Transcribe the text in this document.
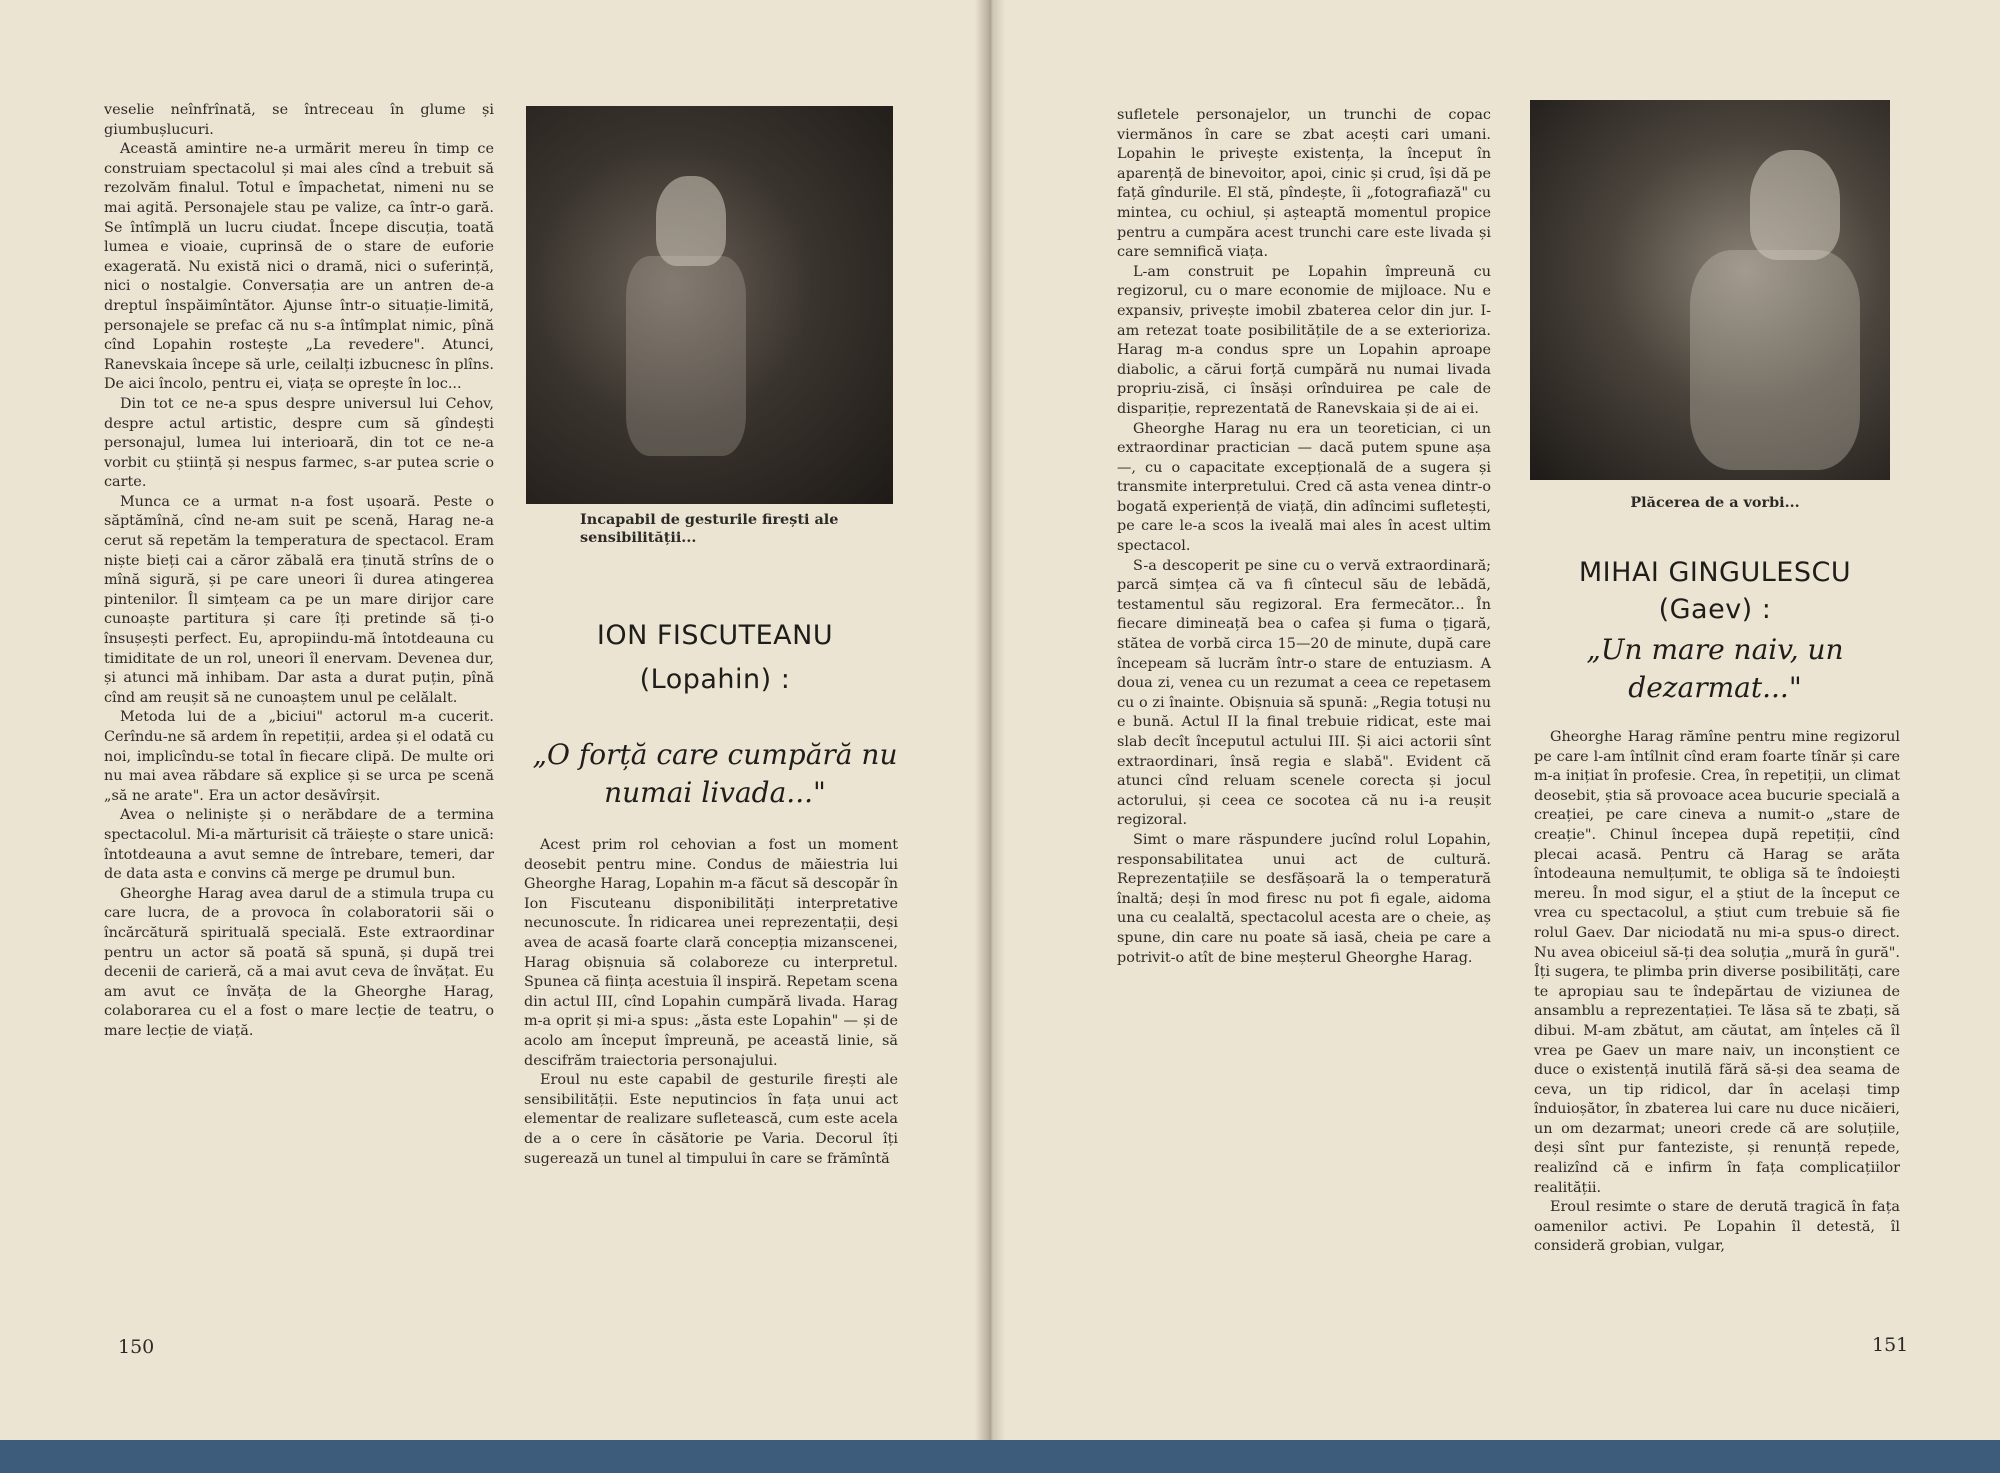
veselie neînfrînată, se întreceau în glume și giumbușlucuri.

Această amintire ne-a urmărit mereu în timp ce construiam spectacolul și mai ales cînd a trebuit să rezolvăm finalul. Totul e împachetat, nimeni nu se mai agită. Personajele stau pe valize, ca într-o gară. Se întîmplă un lucru ciudat. Începe discuția, toată lumea e vioaie, cuprinsă de o stare de euforie exagerată. Nu există nici o dramă, nici o suferință, nici o nostalgie. Conversația are un antren de-a dreptul înspăimîntător. Ajunse într-o situație-limită, personajele se prefac că nu s-a întîmplat nimic, pînă cînd Lopahin rostește „La revedere". Atunci, Ranevskaia începe să urle, ceilalți izbucnesc în plîns. De aici încolo, pentru ei, viața se oprește în loc...

Din tot ce ne-a spus despre universul lui Cehov, despre actul artistic, despre cum să gîndești personajul, lumea lui interioară, din tot ce ne-a vorbit cu știință și nespus farmec, s-ar putea scrie o carte.

Munca ce a urmat n-a fost ușoară. Peste o săptămînă, cînd ne-am suit pe scenă, Harag ne-a cerut să repetăm la temperatura de spectacol. Eram niște bieți cai a căror zăbală era ținută strîns de o mînă sigură, și pe care uneori îi durea atingerea pintenilor. Îl simțeam ca pe un mare dirijor care cunoaște partitura și care îți pretinde să ți-o însușești perfect. Eu, apropiindu-mă întotdeauna cu timiditate de un rol, uneori îl enervam. Devenea dur, și atunci mă inhibam. Dar asta a durat puțin, pînă cînd am reușit să ne cunoaștem unul pe celălalt.

Metoda lui de a „biciui" actorul m-a cucerit. Cerîndu-ne să ardem în repetiții, ardea și el odată cu noi, implicîndu-se total în fiecare clipă. De multe ori nu mai avea răbdare să explice și se urca pe scenă „să ne arate". Era un actor desăvîrșit.

Avea o neliniște și o nerăbdare de a termina spectacolul. Mi-a mărturisit că trăiește o stare unică: întotdeauna a avut semne de întrebare, temeri, dar de data asta e convins că merge pe drumul bun.

Gheorghe Harag avea darul de a stimula trupa cu care lucra, de a provoca în colaboratorii săi o încărcătură spirituală specială. Este extraordinar pentru un actor să poată să spună, și după trei decenii de carieră, că a mai avut ceva de învățat. Eu am avut ce învăța de la Gheorghe Harag, colaborarea cu el a fost o mare lecție de teatru, o mare lecție de viață.

Incapabil de gesturile firești ale sensibilității...
ION FISCUTEANU
(Lopahin) :
„O forță care cumpără nu numai livada..."

Acest prim rol cehovian a fost un moment deosebit pentru mine. Condus de măiestria lui Gheorghe Harag, Lopahin m-a făcut să descopăr în Ion Fiscuteanu disponibilități interpretative necunoscute. În ridicarea unei reprezentații, deși avea de acasă foarte clară concepția mizanscenei, Harag obișnuia să colaboreze cu interpretul. Spunea că ființa acestuia îl inspiră. Repetam scena din actul III, cînd Lopahin cumpără livada. Harag m-a oprit și mi-a spus: „ăsta este Lopahin" — și de acolo am început împreună, pe această linie, să descifrăm traiectoria personajului.

Eroul nu este capabil de gesturile firești ale sensibilității. Este neputincios în fața unui act elementar de realizare sufletească, cum este acela de a o cere în căsătorie pe Varia. Decorul îți sugerează un tunel al timpului în care se frămîntă

150

sufletele personajelor, un trunchi de copac viermănos în care se zbat acești cari umani. Lopahin le privește existența, la început în aparență de binevoitor, apoi, cinic și crud, își dă pe față gîndurile. El stă, pîndește, îi „fotografiază" cu mintea, cu ochiul, și așteaptă momentul propice pentru a cumpăra acest trunchi care este livada și care semnifică viața.

L-am construit pe Lopahin împreună cu regizorul, cu o mare economie de mijloace. Nu e expansiv, privește imobil zbaterea celor din jur. I-am retezat toate posibilitățile de a se exterioriza. Harag m-a condus spre un Lopahin aproape diabolic, a cărui forță cumpără nu numai livada propriu-zisă, ci însăși orînduirea pe cale de dispariție, reprezentată de Ranevskaia și de ai ei.

Gheorghe Harag nu era un teoretician, ci un extraordinar practician — dacă putem spune așa —, cu o capacitate excepțională de a sugera și transmite interpretului. Cred că asta venea dintr-o bogată experiență de viață, din adîncimi sufletești, pe care le-a scos la iveală mai ales în acest ultim spectacol.

S-a descoperit pe sine cu o vervă extraordinară; parcă simțea că va fi cîntecul său de lebădă, testamentul său regizoral. Era fermecător... În fiecare dimineață bea o cafea și fuma o țigară, stătea de vorbă circa 15—20 de minute, după care începeam să lucrăm într-o stare de entuziasm. A doua zi, venea cu un rezumat a ceea ce repetasem cu o zi înainte. Obișnuia să spună: „Regia totuși nu e bună. Actul II la final trebuie ridicat, este mai slab decît începutul actului III. Și aici actorii sînt extraordinari, însă regia e slabă". Evident că atunci cînd reluam scenele corecta și jocul actorului, și ceea ce socotea că nu i-a reușit regizoral.

Simt o mare răspundere jucînd rolul Lopahin, responsabilitatea unui act de cultură. Reprezentațiile se desfășoară la o temperatură înaltă; deși în mod firesc nu pot fi egale, aidoma una cu cealaltă, spectacolul acesta are o cheie, aș spune, din care nu poate să iasă, cheia pe care a potrivit-o atît de bine meșterul Gheorghe Harag.

Plăcerea de a vorbi...
MIHAI GINGULESCU
(Gaev) :
„Un mare naiv, un dezarmat..."

Gheorghe Harag rămîne pentru mine regizorul pe care l-am întîlnit cînd eram foarte tînăr și care m-a inițiat în profesie. Crea, în repetiții, un climat deosebit, știa să provoace acea bucurie specială a creației, pe care cineva a numit-o „stare de creație". Chinul începea după repetiții, cînd plecai acasă. Pentru că Harag se arăta întodeauna nemulțumit, te obliga să te îndoiești mereu. În mod sigur, el a știut de la început ce vrea cu spectacolul, a știut cum trebuie să fie rolul Gaev. Dar niciodată nu mi-a spus-o direct. Nu avea obiceiul să-ți dea soluția „mură în gură". Îți sugera, te plimba prin diverse posibilități, care te apropiau sau te îndepărtau de viziunea de ansamblu a reprezentației. Te lăsa să te zbați, să dibui. M-am zbătut, am căutat, am înțeles că îl vrea pe Gaev un mare naiv, un inconștient ce duce o existență inutilă fără să-și dea seama de ceva, un tip ridicol, dar în același timp înduioșător, în zbaterea lui care nu duce nicăieri, un om dezarmat; uneori crede că are soluțiile, deși sînt pur fanteziste, și renunță repede, realizînd că e infirm în fața complicațiilor realității.

Eroul resimte o stare de derută tragică în fața oamenilor activi. Pe Lopahin îl detestă, îl consideră grobian, vulgar,

151
